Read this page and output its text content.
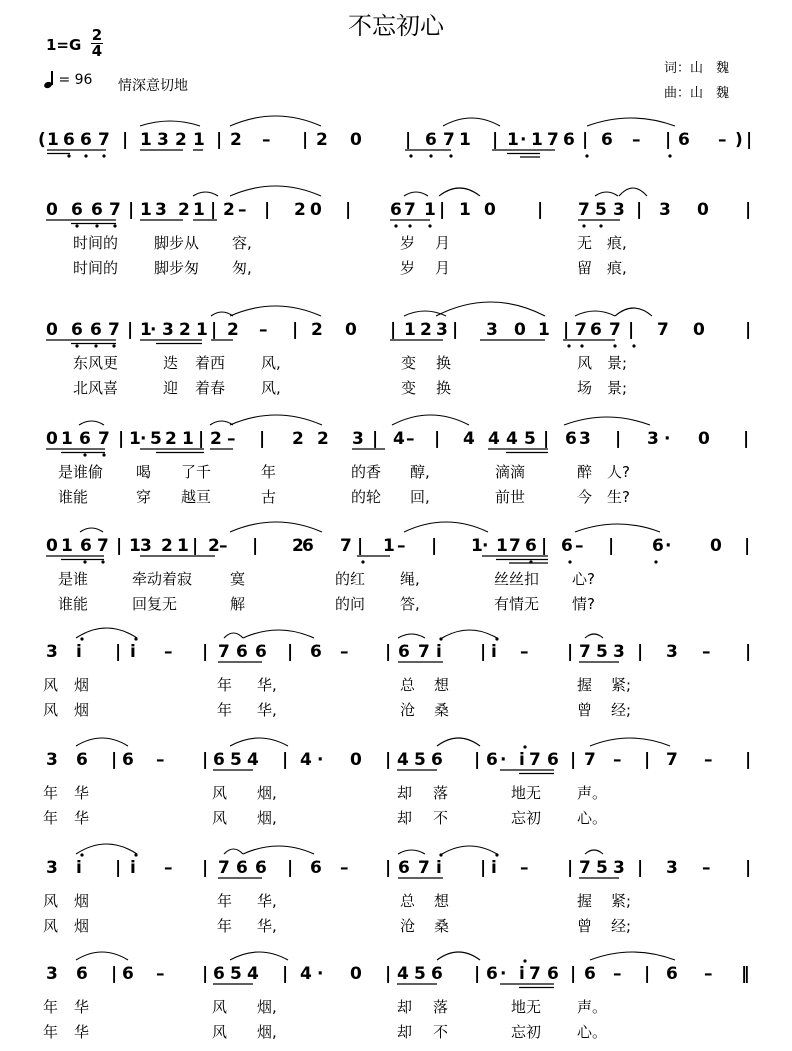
不忘初心
1=G
2
4
= 96 情深意切地
词：山　魏
曲：山　魏
( 1 6 6 7 | 1 3 2 1 | 2 – | 2 0	| 6 7 1 | 1 · 1 7 6 | 6 – | 6 – ) |
0 6 6 7 | 1 3 2 1 | 2 – | 2 0 | 6 7 1 | 1 0 | 7 5 3 | 3 0 |
时间的 脚步从 容,	岁 月	无 痕,
时间的 脚步匆 匆,	岁 月	留 痕,
0 6 6 7 | 1
· 3 2 1 | 2 – | 2 0 | 1 2 3 | 3 0 1 | 7 6 7 | 7 0 |
东风更	迭 着西 风,	变 换	风 景;
北风喜	迎 着春 风,	变 换	场 景;
0 1 6 7 | 1 · 5 2 1 | 2 – | 2 2 3 | 4 – | 4 4 4 5 | 6 3 | 3 · 0 |
是谁偷 喝 了千	年	的香 醇,	滴滴	醉 人?
谁能	穿 越亘	古	的轮 回,	前世	今 生?
0 1 6 7 | 1 3 2 1 | 2 – | 2
6 7 | 1 – | 1 · 1 7 6 | 6 – | 6 · 0 |
是谁	牵动着寂	寞	的红 绳,	丝丝扣 心?
谁能	回复无	解	的问 答,	有情无 情?
3 i | i – | 7 6 6 | 6 – | 6 7 i | i – | 7 5 3 | 3 – |
风 烟	年 华,	总 想	握 紧;
风 烟	年 华,	沧 桑	曾 经;
3 6 | 6 – | 6 5 4 | 4 · 0 | 4 5 6 | 6 · i 7 6 | 7 – | 7 – |
年 华	风 烟,	却 落	地无 声。
年 华	风 烟,	却 不	忘初 心。
3 i | i – | 7 6 6 | 6 – | 6 7 i | i – | 7 5 3 | 3 – |
风 烟	年 华,	总 想	握 紧;
风 烟	年 华,	沧 桑	曾 经;
3 6 | 6 – | 6 5 4 | 4 · 0 | 4 5 6 | 6 · i 7 6 | 6 – | 6 – ‖
年 华	风 烟,	却 落	地无 声。
年 华	风 烟,	却 不	忘初 心。
